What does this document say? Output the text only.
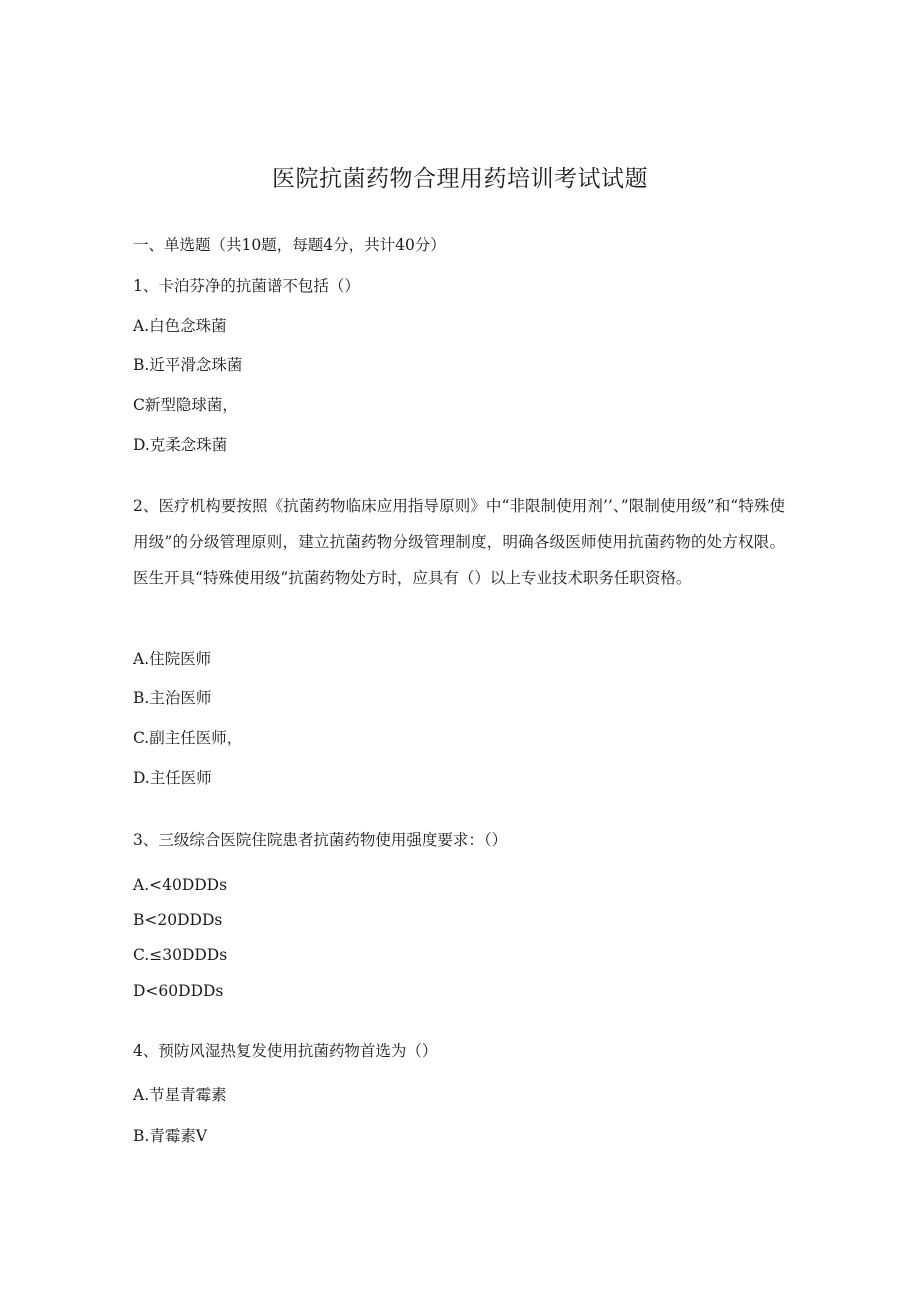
医院抗菌药物合理用药培训考试试题
一、单选题（共10题，每题4分，共计40分）
1、卡泊芬净的抗菌谱不包括（）
A.白色念珠菌
B.近平滑念珠菌
C新型隐球菌，
D.克柔念珠菌
2、医疗机构要按照《抗菌药物临床应用指导原则》中“非限制使用剂’’、”限制使用级”和“特殊使用级”的分级管理原则，建立抗菌药物分级管理制度，明确各级医师使用抗菌药物的处方权限。医生开具“特殊使用级”抗菌药物处方时，应具有（）以上专业技术职务任职资格。
A.住院医师
B.主治医师
C.副主任医师，
D.主任医师
3、三级综合医院住院患者抗菌药物使用强度要求：（）
A.<40DDDs
B<20DDDs
C.≤30DDDs
D<60DDDs
4、预防风湿热复发使用抗菌药物首选为（）
A.节星青霉素
B.青霉素V
